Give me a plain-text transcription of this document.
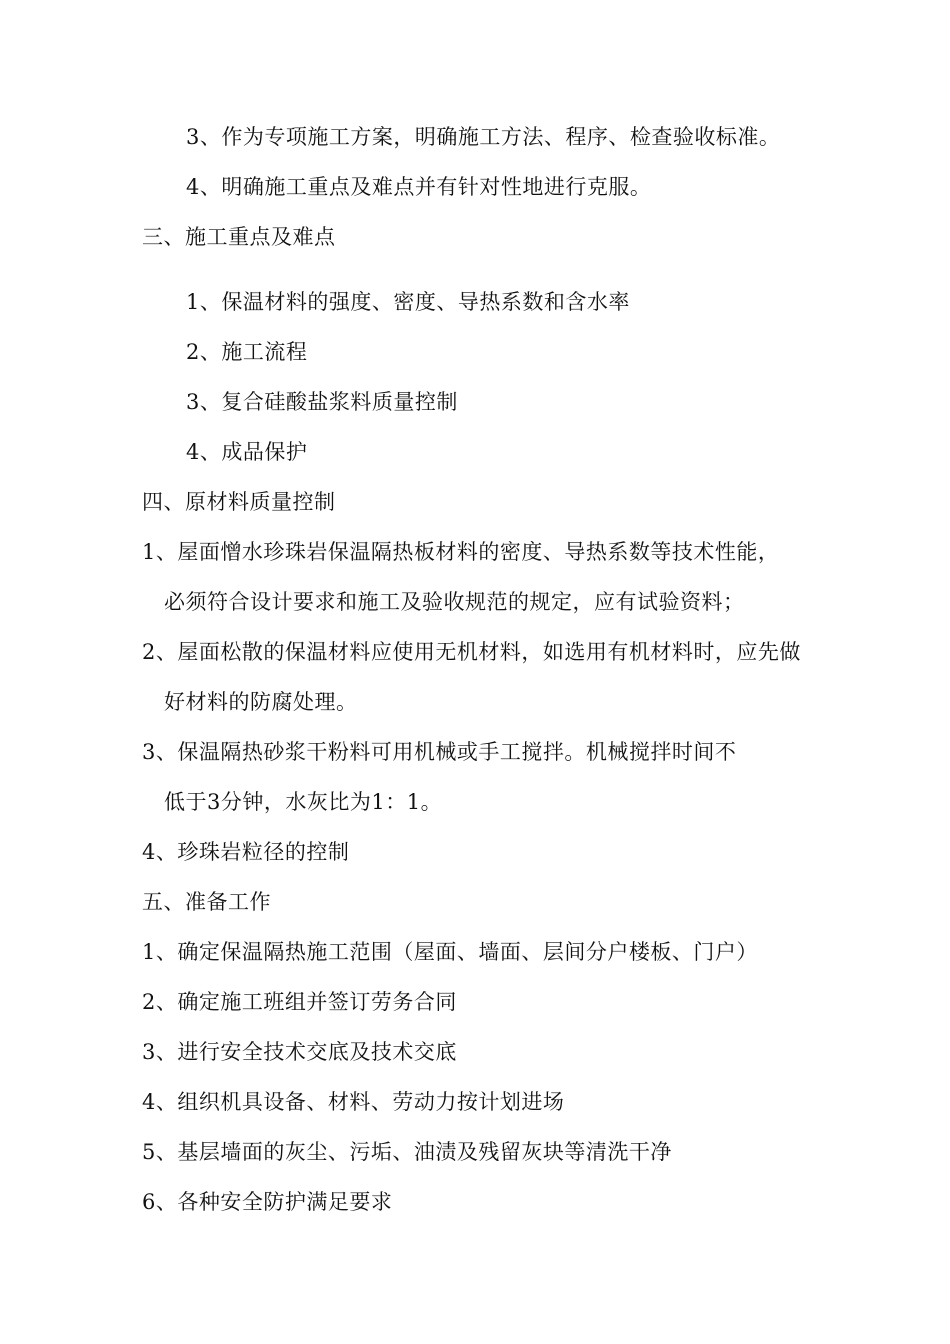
3、作为专项施工方案，明确施工方法、程序、检查验收标准。
4、明确施工重点及难点并有针对性地进行克服。
三、施工重点及难点
1、保温材料的强度、密度、导热系数和含水率
2、施工流程
3、复合硅酸盐浆料质量控制
4、成品保护
四、原材料质量控制
1、屋面憎水珍珠岩保温隔热板材料的密度、导热系数等技术性能，
必须符合设计要求和施工及验收规范的规定，应有试验资料；
2、屋面松散的保温材料应使用无机材料，如选用有机材料时，应先做
好材料的防腐处理。
3、保温隔热砂浆干粉料可用机械或手工搅拌。机械搅拌时间不
低于3分钟，水灰比为1：1。
4、珍珠岩粒径的控制
五、准备工作
1、确定保温隔热施工范围（屋面、墙面、层间分户楼板、门户）
2、确定施工班组并签订劳务合同
3、进行安全技术交底及技术交底
4、组织机具设备、材料、劳动力按计划进场
5、基层墙面的灰尘、污垢、油渍及残留灰块等清洗干净
6、各种安全防护满足要求
